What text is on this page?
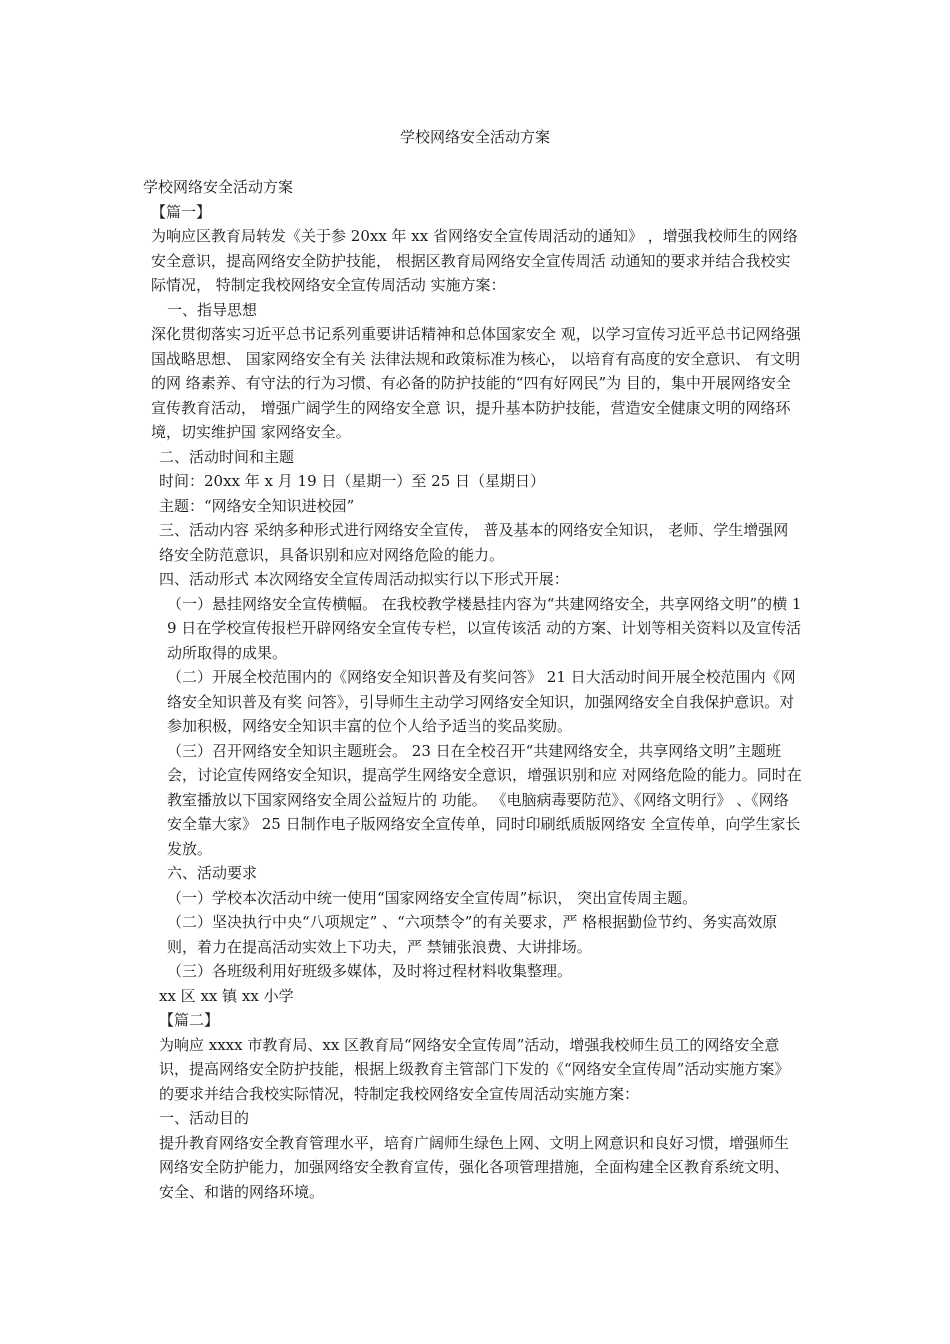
学校网络安全活动方案

学校网络安全活动方案

【篇一】

为响应区教育局转发《关于参 20xx 年 xx 省网络安全宣传周活动的通知》 ，增强我校师生的网络 安全意识，提高网络安全防护技能， 根据区教育局网络安全宣传周活 动通知的要求并结合我校实际情况， 特制定我校网络安全宣传周活动 实施方案：

一、指导思想

深化贯彻落实习近平总书记系列重要讲话精神和总体国家安全 观，以学习宣传习近平总书记网络强国战略思想、 国家网络安全有关 法律法规和政策标准为核心， 以培育有高度的安全意识、 有文明的网 络素养、有守法的行为习惯、有必备的防护技能的“四有好网民”为 目的，集中开展网络安全宣传教育活动， 增强广阔学生的网络安全意 识，提升基本防护技能，营造安全健康文明的网络环境，切实维护国 家网络安全。

二、活动时间和主题

时间：20xx 年 x 月 19 日（星期一）至 25 日（星期日）

主题：“网络安全知识进校园”

三、活动内容 采纳多种形式进行网络安全宣传， 普及基本的网络安全知识， 老师、学生增强网络安全防范意识，具备识别和应对网络危险的能力。

四、活动形式 本次网络安全宣传周活动拟实行以下形式开展：

（一）悬挂网络安全宣传横幅。 在我校教学楼悬挂内容为“共建网络安全，共享网络文明”的横 19 日在学校宣传报栏开辟网络安全宣传专栏，以宣传该活 动的方案、计划等相关资料以及宣传活动所取得的成果。

（二）开展全校范围内的《网络安全知识普及有奖问答》 21 日大活动时间开展全校范围内《网络安全知识普及有奖 问答》，引导师生主动学习网络安全知识，加强网络安全自我保护意识。对参加积极，网络安全知识丰富的位个人给予适当的奖品奖励。

（三）召开网络安全知识主题班会。 23 日在全校召开“共建网络安全，共享网络文明”主题班 会，讨论宣传网络安全知识，提高学生网络安全意识，增强识别和应 对网络危险的能力。同时在教室播放以下国家网络安全周公益短片的 功能。 《电脑病毒要防范》、《网络文明行》 、《网络安全靠大家》 25 日制作电子版网络安全宣传单，同时印刷纸质版网络安 全宣传单，向学生家长发放。

六、活动要求

（一）学校本次活动中统一使用“国家网络安全宣传周”标识， 突出宣传周主题。

（二）坚决执行中央“八项规定” 、“六项禁令”的有关要求，严 格根据勤俭节约、务实高效原则，着力在提高活动实效上下功夫，严 禁铺张浪费、大讲排场。

（三）各班级利用好班级多媒体，及时将过程材料收集整理。

xx 区 xx 镇 xx 小学

【篇二】

为响应 xxxx 市教育局、xx 区教育局“网络安全宣传周”活动，增强我校师生员工的网络安全意识，提高网络安全防护技能，根据上级教育主管部门下发的《“网络安全宣传周”活动实施方案》的要求并结合我校实际情况，特制定我校网络安全宣传周活动实施方案：

一、活动目的

提升教育网络安全教育管理水平，培育广阔师生绿色上网、文明上网意识和良好习惯，增强师生网络安全防护能力，加强网络安全教育宣传，强化各项管理措施，全面构建全区教育系统文明、安全、和谐的网络环境。
